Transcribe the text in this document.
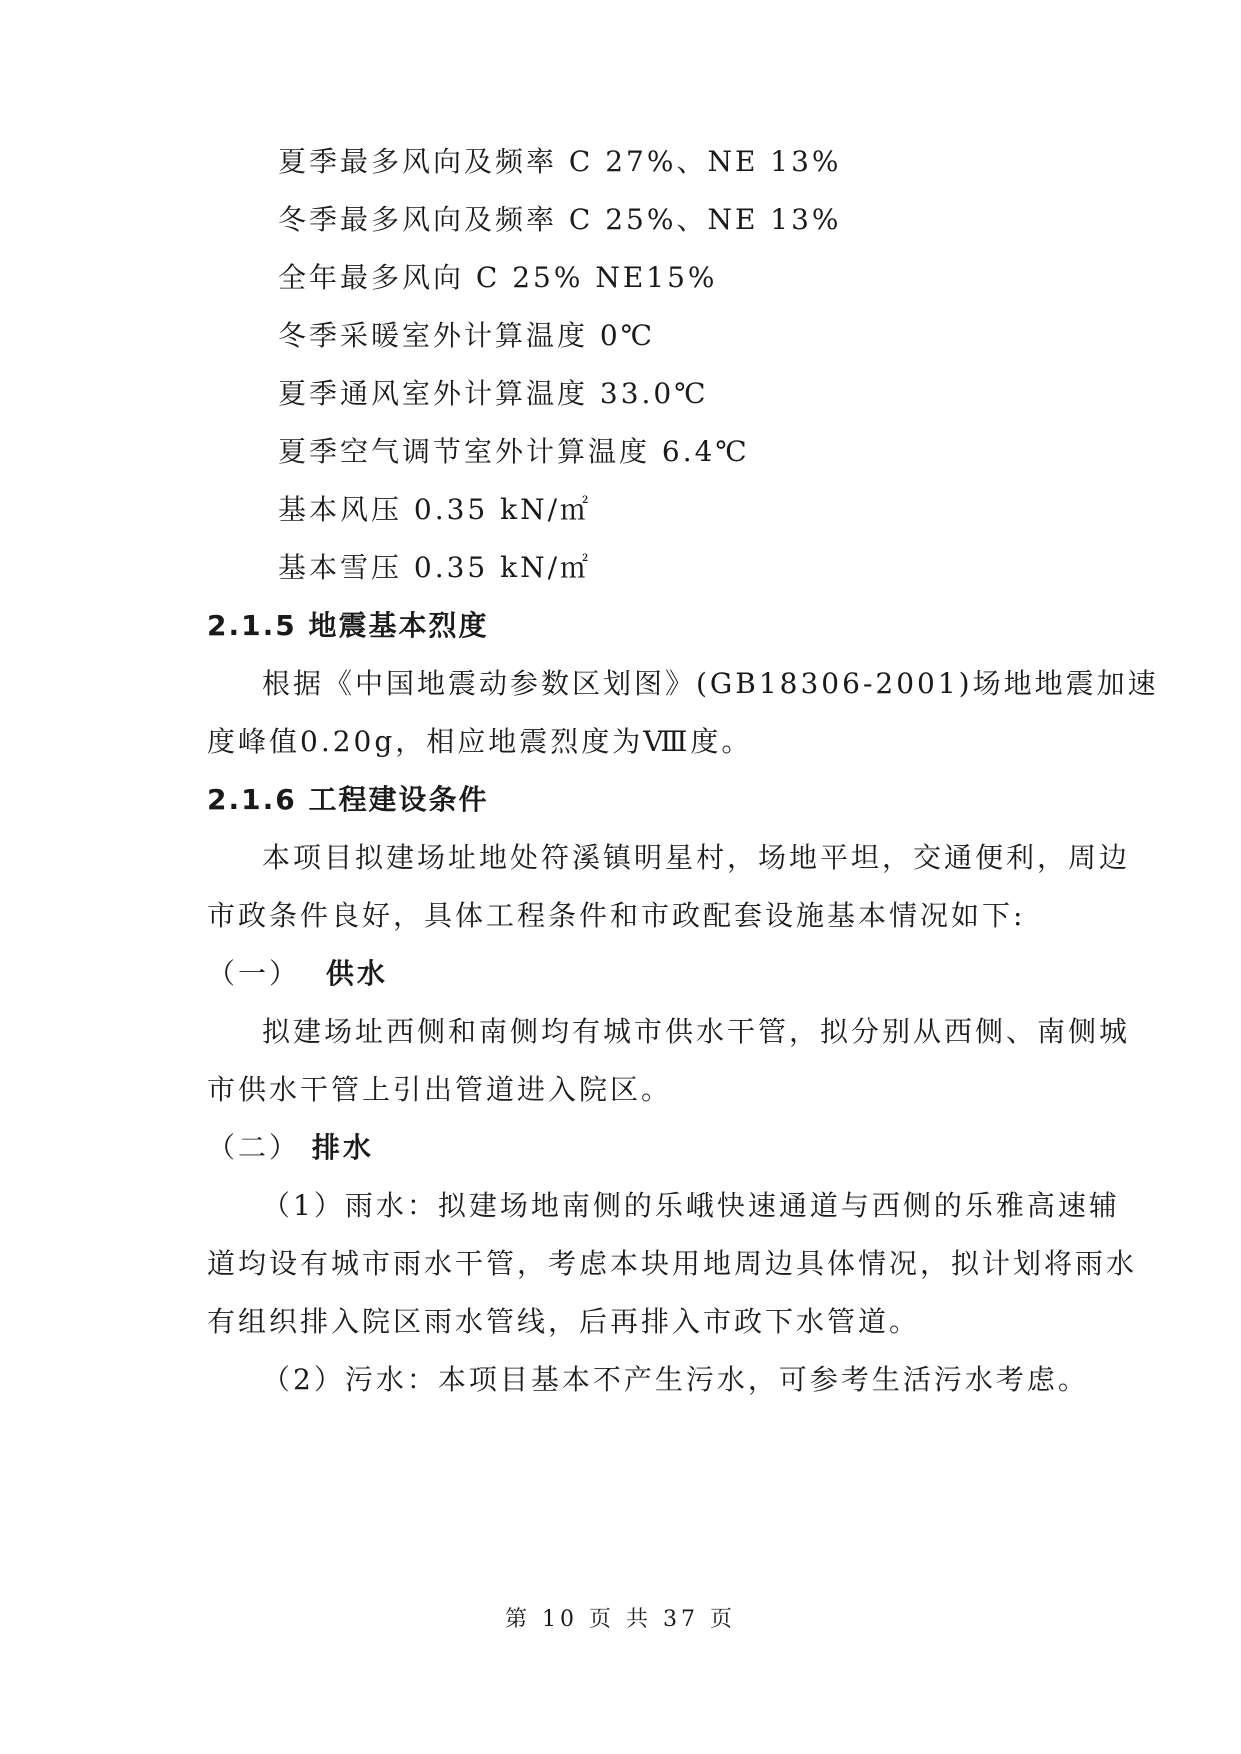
夏季最多风向及频率 C 27%、NE 13%
冬季最多风向及频率 C 25%、NE 13%
全年最多风向 C 25% NE15%
冬季采暖室外计算温度 0℃
夏季通风室外计算温度 33.0℃
夏季空气调节室外计算温度 6.4℃
基本风压 0.35 kN/㎡
基本雪压 0.35 kN/㎡
2.1.5 地震基本烈度
根据《中国地震动参数区划图》(GB18306-2001)场地地震加速
度峰值0.20g，相应地震烈度为Ⅷ度。
2.1.6 工程建设条件
本项目拟建场址地处符溪镇明星村，场地平坦，交通便利，周边
市政条件良好，具体工程条件和市政配套设施基本情况如下:
（一） 供水
拟建场址西侧和南侧均有城市供水干管，拟分别从西侧、南侧城
市供水干管上引出管道进入院区。
（二） 排水
（1）雨水：拟建场地南侧的乐峨快速通道与西侧的乐雅高速辅
道均设有城市雨水干管，考虑本块用地周边具体情况，拟计划将雨水
有组织排入院区雨水管线，后再排入市政下水管道。
（2）污水：本项目基本不产生污水，可参考生活污水考虑。
第 10 页 共 37 页
